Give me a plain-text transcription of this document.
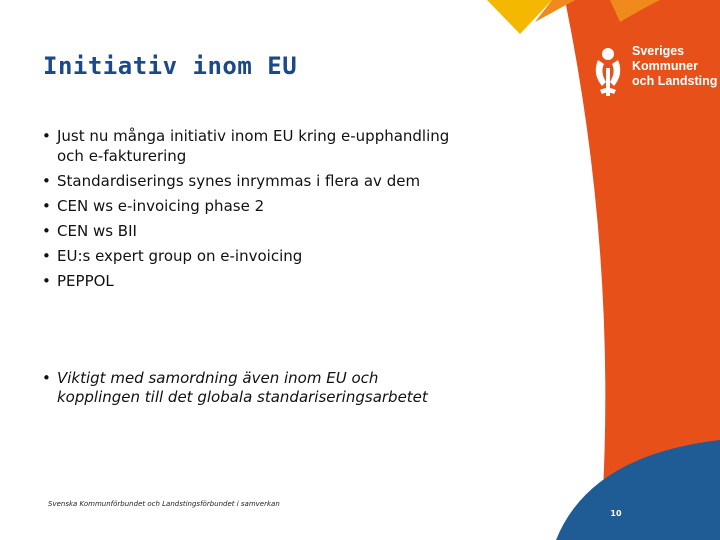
Sveriges
Kommuner
och Landsting
Initiativ inom EU
• Just nu många initiativ inom EU kring e-upphandling och e-fakturering
• Standardiserings synes inrymmas i flera av dem
• CEN ws e-invoicing phase 2
• CEN ws BII
• EU:s expert group on e-invoicing
• PEPPOL
• Viktigt med samordning även inom EU och kopplingen till det globala standariseringsarbetet
Svenska Kommunförbundet och Landstingsförbundet i samverkan
10
